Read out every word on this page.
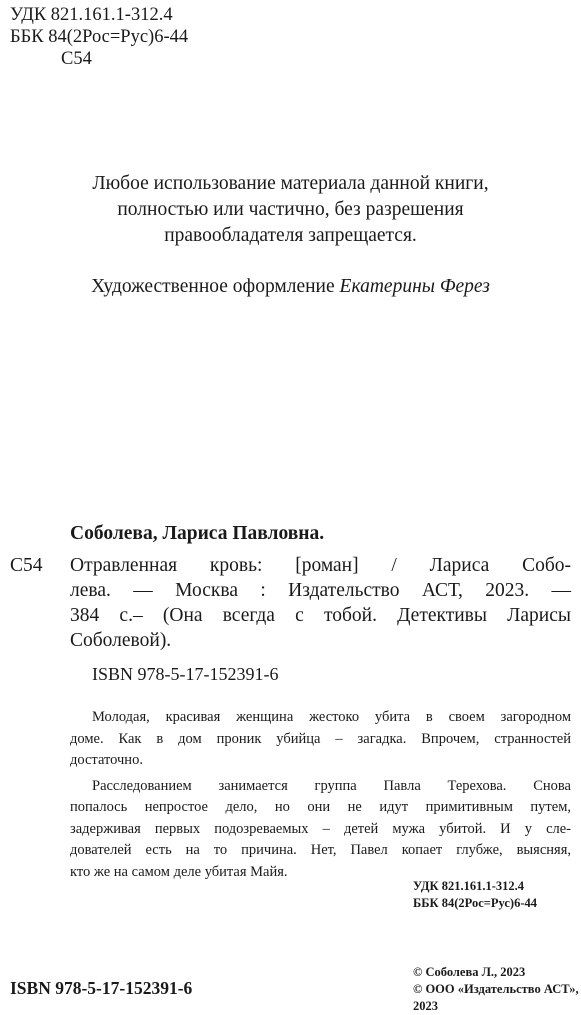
УДК 821.161.1-312.4
ББК 84(2Рос=Рус)6-44
С54
Любое использование материала данной книги,
полностью или частично, без разрешения
правообладателя запрещается.
Художественное оформление Екатерины Ферез
Соболева, Лариса Павловна.
С54 Отравленная кровь: [роман] / Лариса Собо-
лева. — Москва : Издательство АСТ, 2023. —
384 с.– (Она всегда с тобой. Детективы Ларисы
Соболевой).
ISBN 978-5-17-152391-6
Молодая, красивая женщина жестоко убита в своем загородном
доме. Как в дом проник убийца – загадка. Впрочем, странностей
достаточно.
Расследованием занимается группа Павла Терехова. Снова
попалось непростое дело, но они не идут примитивным путем,
задерживая первых подозреваемых – детей мужа убитой. И у сле-
дователей есть на то причина. Нет, Павел копает глубже, выясняя,
кто же на самом деле убитая Майя.
УДК 821.161.1-312.4
ББК 84(2Рос=Рус)6-44
© Соболева Л., 2023
© ООО «Издательство АСТ», 2023
ISBN 978-5-17-152391-6
